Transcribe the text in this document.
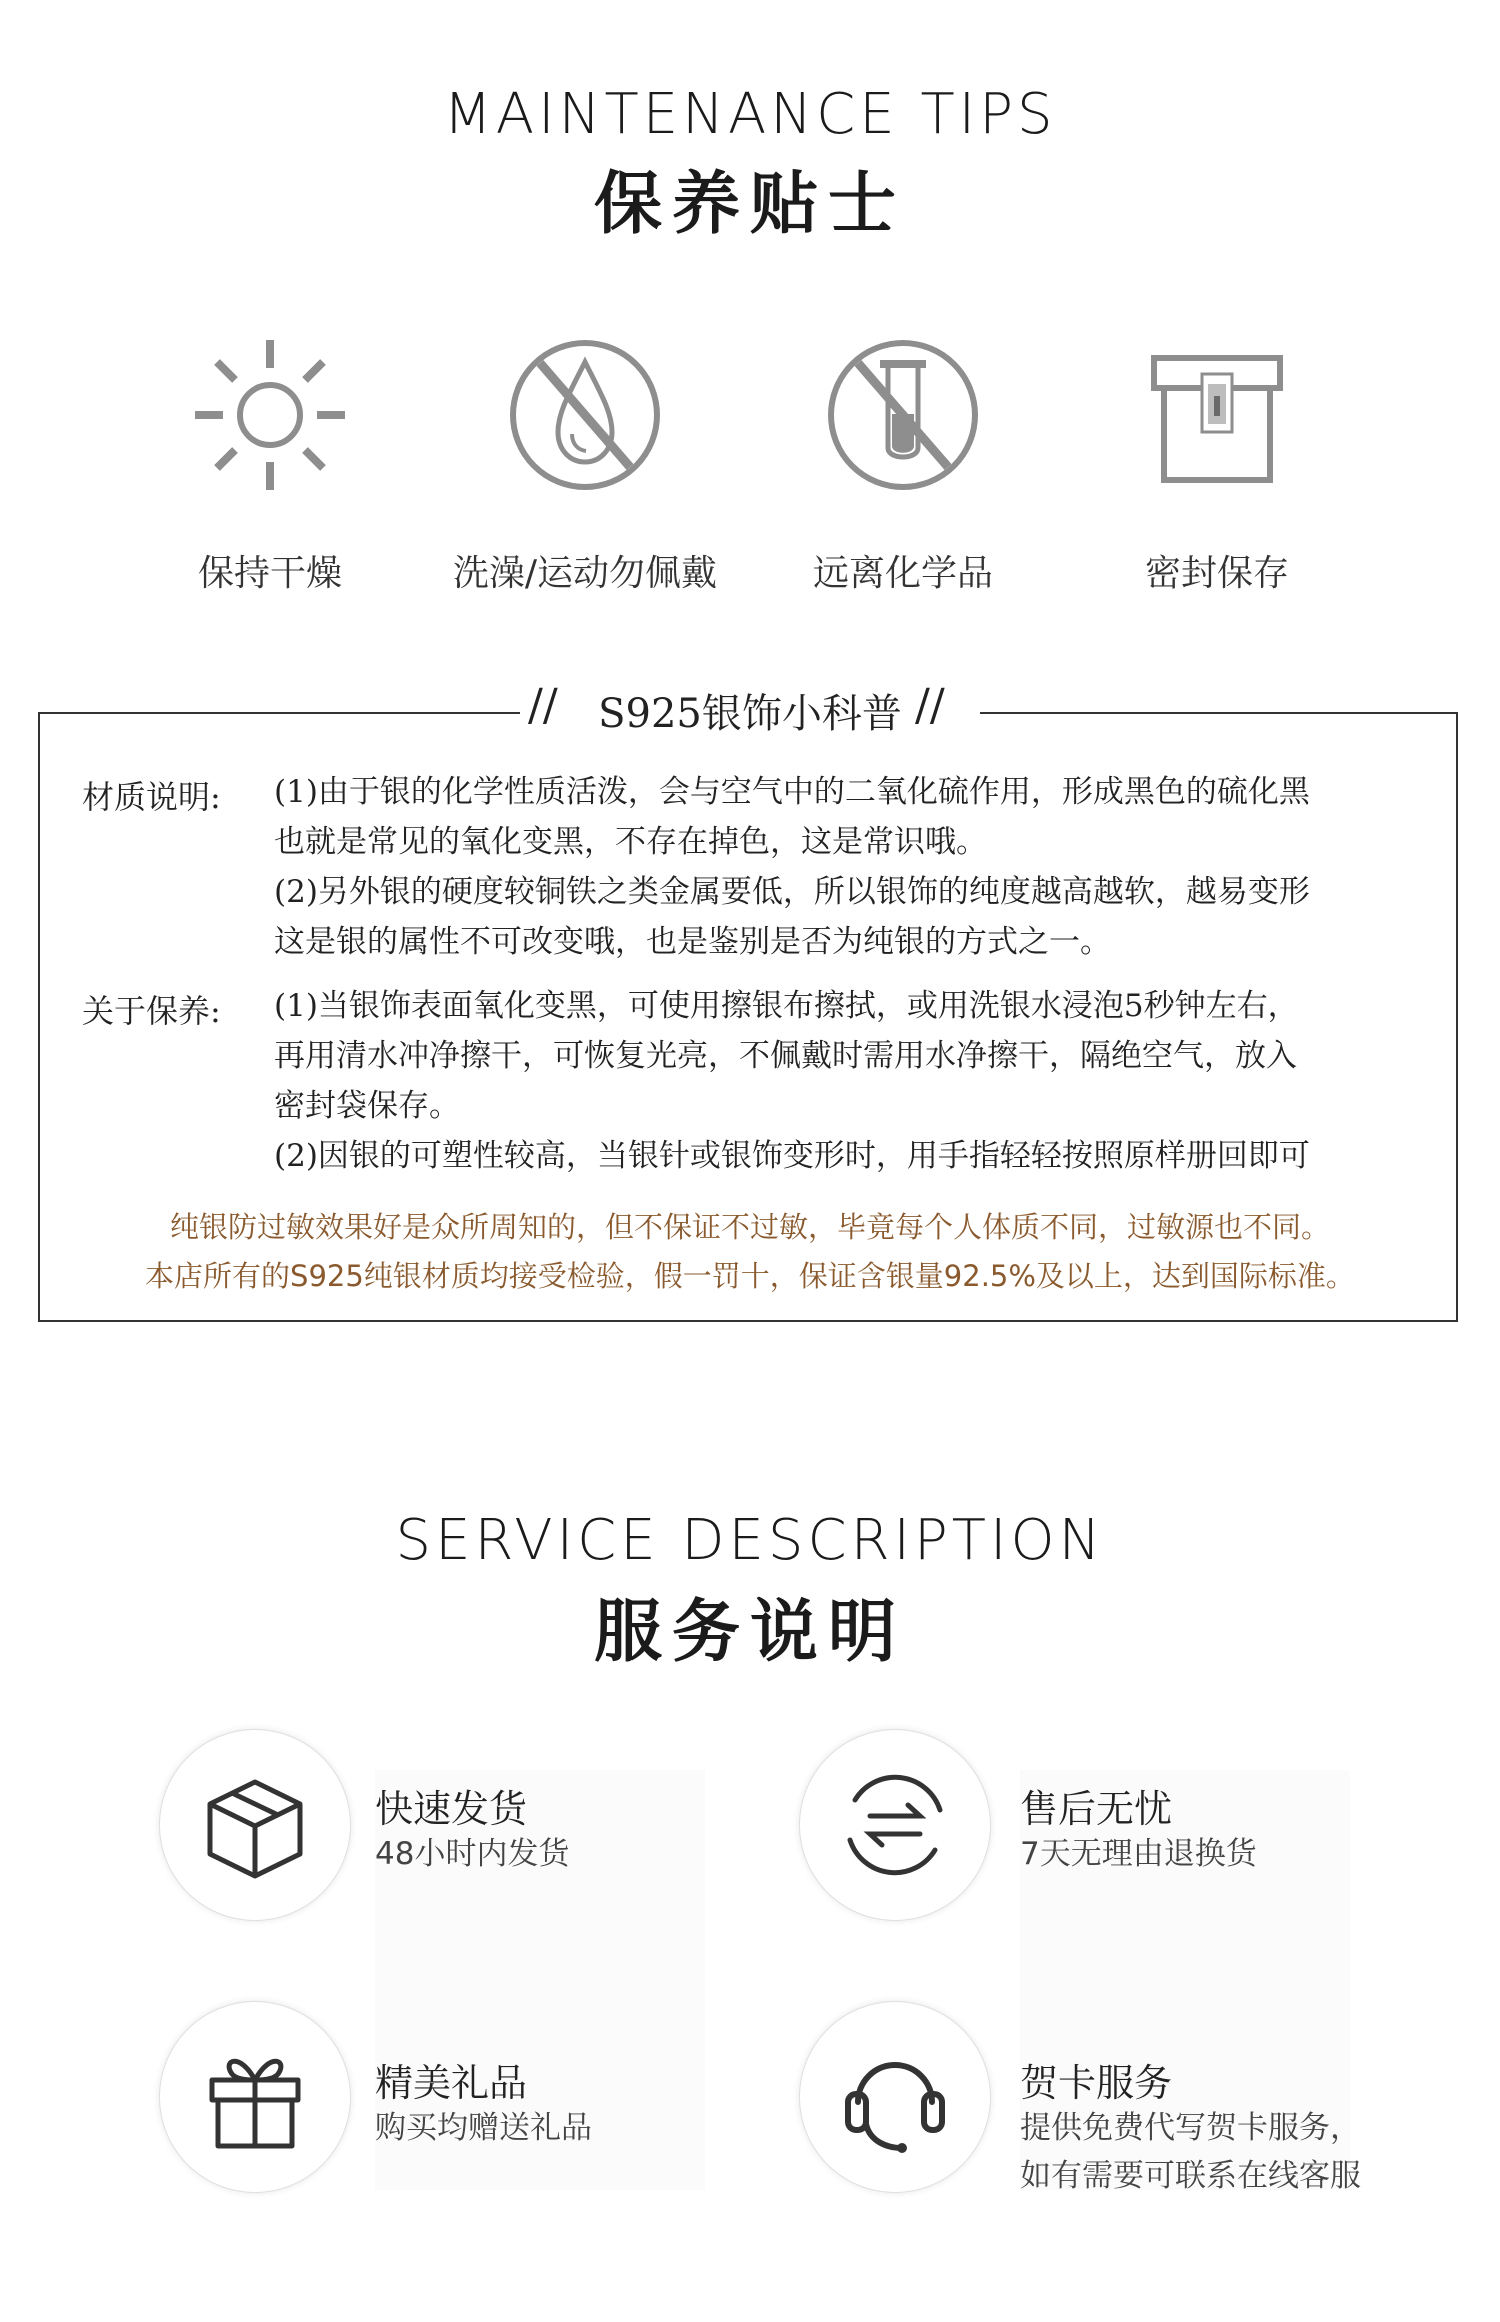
MAINTENANCE TIPS
保养贴士
保持干燥	洗澡/运动勿佩戴	远离化学品	密封保存
//	//
S925银饰小科普
材质说明: (1)由于银的化学性质活泼，会与空气中的二氧化硫作用，形成黑色的硫化黑
也就是常见的氧化变黑，不存在掉色，这是常识哦。
(2)另外银的硬度较铜铁之类金属要低，所以银饰的纯度越高越软，越易变形
这是银的属性不可改变哦，也是鉴别是否为纯银的方式之一。
关于保养: (1)当银饰表面氧化变黑，可使用擦银布擦拭，或用洗银水浸泡5秒钟左右，
再用清水冲净擦干，可恢复光亮，不佩戴时需用水净擦干，隔绝空气，放入
密封袋保存。
(2)因银的可塑性较高，当银针或银饰变形时，用手指轻轻按照原样册回即可
纯银防过敏效果好是众所周知的，但不保证不过敏，毕竟每个人体质不同，过敏源也不同。
本店所有的S925纯银材质均接受检验，假一罚十，保证含银量92.5%及以上，达到国际标准。
SERVICE DESCRIPTION
服务说明
快速发货
48小时内发货
售后无忧
7天无理由退换货
精美礼品
购买均赠送礼品
贺卡服务
提供免费代写贺卡服务，
如有需要可联系在线客服
